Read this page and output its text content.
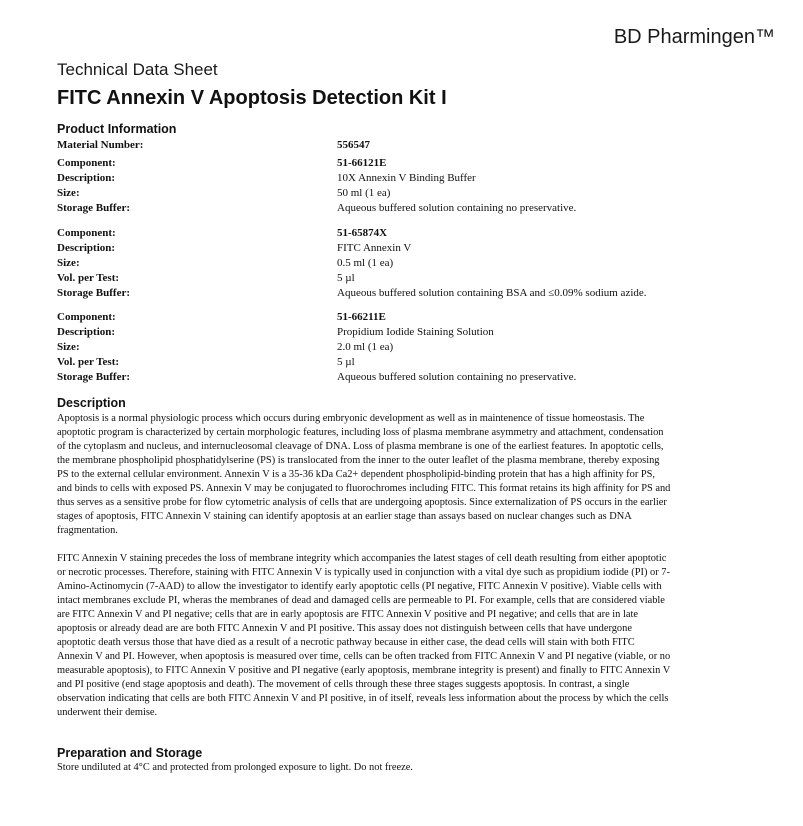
BD Pharmingen™
Technical Data Sheet
FITC Annexin V Apoptosis Detection Kit I
Product Information
Material Number:	556547
Component:	51-66121E
Description:	10X Annexin V Binding Buffer
Size:	50 ml (1 ea)
Storage Buffer:	Aqueous buffered solution containing no preservative.
Component:	51-65874X
Description:	FITC Annexin V
Size:	0.5 ml (1 ea)
Vol. per Test:	5 µl
Storage Buffer:	Aqueous buffered solution containing BSA and ≤0.09% sodium azide.
Component:	51-66211E
Description:	Propidium Iodide Staining Solution
Size:	2.0 ml (1 ea)
Vol. per Test:	5 µl
Storage Buffer:	Aqueous buffered solution containing no preservative.
Description

Apoptosis is a normal physiologic process which occurs during embryonic development as well as in maintenence of tissue homeostasis. The apoptotic program is characterized by certain morphologic features, including loss of plasma membrane asymmetry and attachment, condensation of the cytoplasm and nucleus, and internucleosomal cleavage of DNA. Loss of plasma membrane is one of the earliest features. In apoptotic cells, the membrane phospholipid phosphatidylserine (PS) is translocated from the inner to the outer leaflet of the plasma membrane, thereby exposing PS to the external cellular environment. Annexin V is a 35-36 kDa Ca2+ dependent phospholipid-binding protein that has a high affinity for PS, and binds to cells with exposed PS. Annexin V may be conjugated to fluorochromes including FITC. This format retains its high affinity for PS and thus serves as a sensitive probe for flow cytometric analysis of cells that are undergoing apoptosis. Since externalization of PS occurs in the earlier stages of apoptosis, FITC Annexin V staining can identify apoptosis at an earlier stage than assays based on nuclear changes such as DNA fragmentation.

FITC Annexin V staining precedes the loss of membrane integrity which accompanies the latest stages of cell death resulting from either apoptotic or necrotic processes. Therefore, staining with FITC Annexin V is typically used in conjunction with a vital dye such as propidium iodide (PI) or 7-Amino-Actinomycin (7-AAD) to allow the investigator to identify early apoptotic cells (PI negative, FITC Annexin V positive). Viable cells with intact membranes exclude PI, wheras the membranes of dead and damaged cells are permeable to PI. For example, cells that are considered viable are FITC Annexin V and PI negative; cells that are in early apoptosis are FITC Annexin V positive and PI negative; and cells that are in late apoptosis or already dead are are both FITC Annexin V and PI positive. This assay does not distinguish between cells that have undergone apoptotic death versus those that have died as a result of a necrotic pathway because in either case, the dead cells will stain with both FITC Annexin V and PI. However, when apoptosis is measured over time, cells can be often tracked from FITC Annexin V and PI negative (viable, or no measurable apoptosis), to FITC Annexin V positive and PI negative (early apoptosis, membrane integrity is present) and finally to FITC Annexin V and PI positive (end stage apoptosis and death). The movement of cells through these three stages suggests apoptosis. In contrast, a single observation indicating that cells are both FITC Annexin V and PI positive, in of itself, reveals less information about the process by which the cells underwent their demise.

Preparation and Storage

Store undiluted at 4°C and protected from prolonged exposure to light. Do not freeze.
